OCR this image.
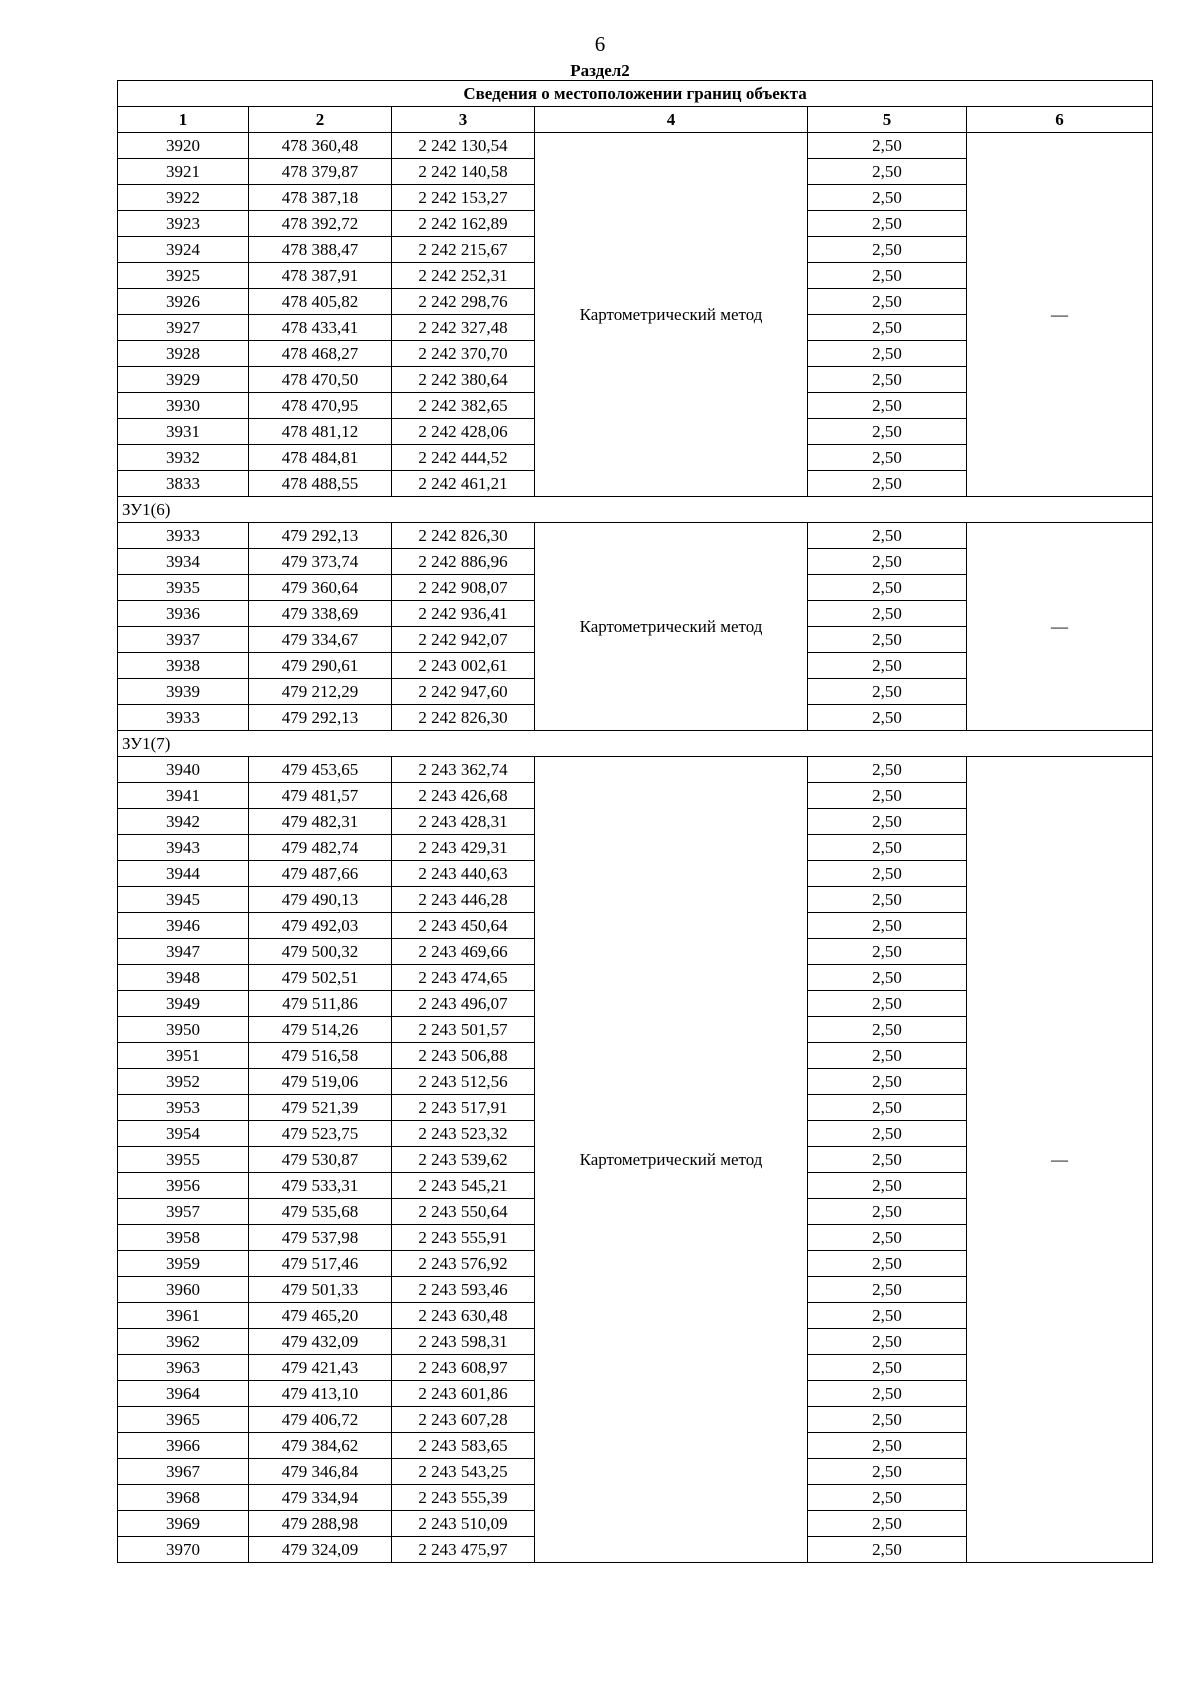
6
Раздел2
Сведения о местоположении границ объекта					
1	2	3	4	5	6
3920	478 360,48	2 242 130,54	Картометрический метод	2,50	—
3921	478 379,87	2 242 140,58		2,50	
3922	478 387,18	2 242 153,27		2,50	
3923	478 392,72	2 242 162,89		2,50	
3924	478 388,47	2 242 215,67		2,50	
3925	478 387,91	2 242 252,31		2,50	
3926	478 405,82	2 242 298,76		2,50	
3927	478 433,41	2 242 327,48		2,50	
3928	478 468,27	2 242 370,70		2,50	
3929	478 470,50	2 242 380,64		2,50	
3930	478 470,95	2 242 382,65		2,50	
3931	478 481,12	2 242 428,06		2,50	
3932	478 484,81	2 242 444,52		2,50	
3833	478 488,55	2 242 461,21		2,50	
ЗУ1(6)					
3933	479 292,13	2 242 826,30	Картометрический метод	2,50	—
3934	479 373,74	2 242 886,96		2,50	
3935	479 360,64	2 242 908,07		2,50	
3936	479 338,69	2 242 936,41		2,50	
3937	479 334,67	2 242 942,07		2,50	
3938	479 290,61	2 243 002,61		2,50	
3939	479 212,29	2 242 947,60		2,50	
3933	479 292,13	2 242 826,30		2,50	
ЗУ1(7)					
3940	479 453,65	2 243 362,74	Картометрический метод	2,50	—
3941	479 481,57	2 243 426,68		2,50	
3942	479 482,31	2 243 428,31		2,50	
3943	479 482,74	2 243 429,31		2,50	
3944	479 487,66	2 243 440,63		2,50	
3945	479 490,13	2 243 446,28		2,50	
3946	479 492,03	2 243 450,64		2,50	
3947	479 500,32	2 243 469,66		2,50	
3948	479 502,51	2 243 474,65		2,50	
3949	479 511,86	2 243 496,07		2,50	
3950	479 514,26	2 243 501,57		2,50	
3951	479 516,58	2 243 506,88		2,50	
3952	479 519,06	2 243 512,56		2,50	
3953	479 521,39	2 243 517,91		2,50	
3954	479 523,75	2 243 523,32		2,50	
3955	479 530,87	2 243 539,62		2,50	
3956	479 533,31	2 243 545,21		2,50	
3957	479 535,68	2 243 550,64		2,50	
3958	479 537,98	2 243 555,91		2,50	
3959	479 517,46	2 243 576,92		2,50	
3960	479 501,33	2 243 593,46		2,50	
3961	479 465,20	2 243 630,48		2,50	
3962	479 432,09	2 243 598,31		2,50	
3963	479 421,43	2 243 608,97		2,50	
3964	479 413,10	2 243 601,86		2,50	
3965	479 406,72	2 243 607,28		2,50	
3966	479 384,62	2 243 583,65		2,50	
3967	479 346,84	2 243 543,25		2,50	
3968	479 334,94	2 243 555,39		2,50	
3969	479 288,98	2 243 510,09		2,50	
3970	479 324,09	2 243 475,97		2,50	
